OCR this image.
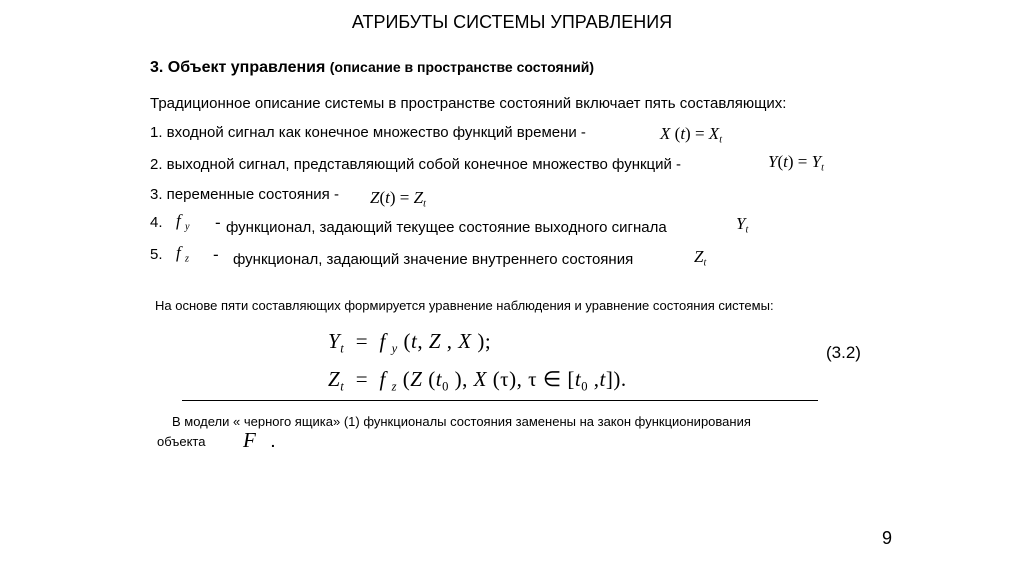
АТРИБУТЫ СИСТЕМЫ УПРАВЛЕНИЯ
3. Объект управления (описание в пространстве состояний)
Традиционное описание системы в пространстве состояний включает пять составляющих:
1. входной сигнал как конечное множество функций времени -	X $(t) = X_t$
2. выходной сигнал, представляющий собой конечное множество функций -	$Y(t) = Y_t$
3. переменные состояния - $Z(t) = Z_t$
4. f $_y$ - функционал, задающий текущее состояние выходного сигнала	$Y_t$
5. f $_z$ - функционал, задающий значение внутреннего состояния	$Z_t$
На основе пяти составляющих формируется уравнение наблюдения и уравнение состояния системы:
$Y_t = f$ $_y$ (t, Z , X );
$Z_t = f$ $_z$ (Z ($t_0$ ), X (τ), τ ∈ [$t_0$ ,t]).
(3.2)
В модели « черного ящика» (1) функционалы состояния заменены на закон функционирования
объекта F .
9
